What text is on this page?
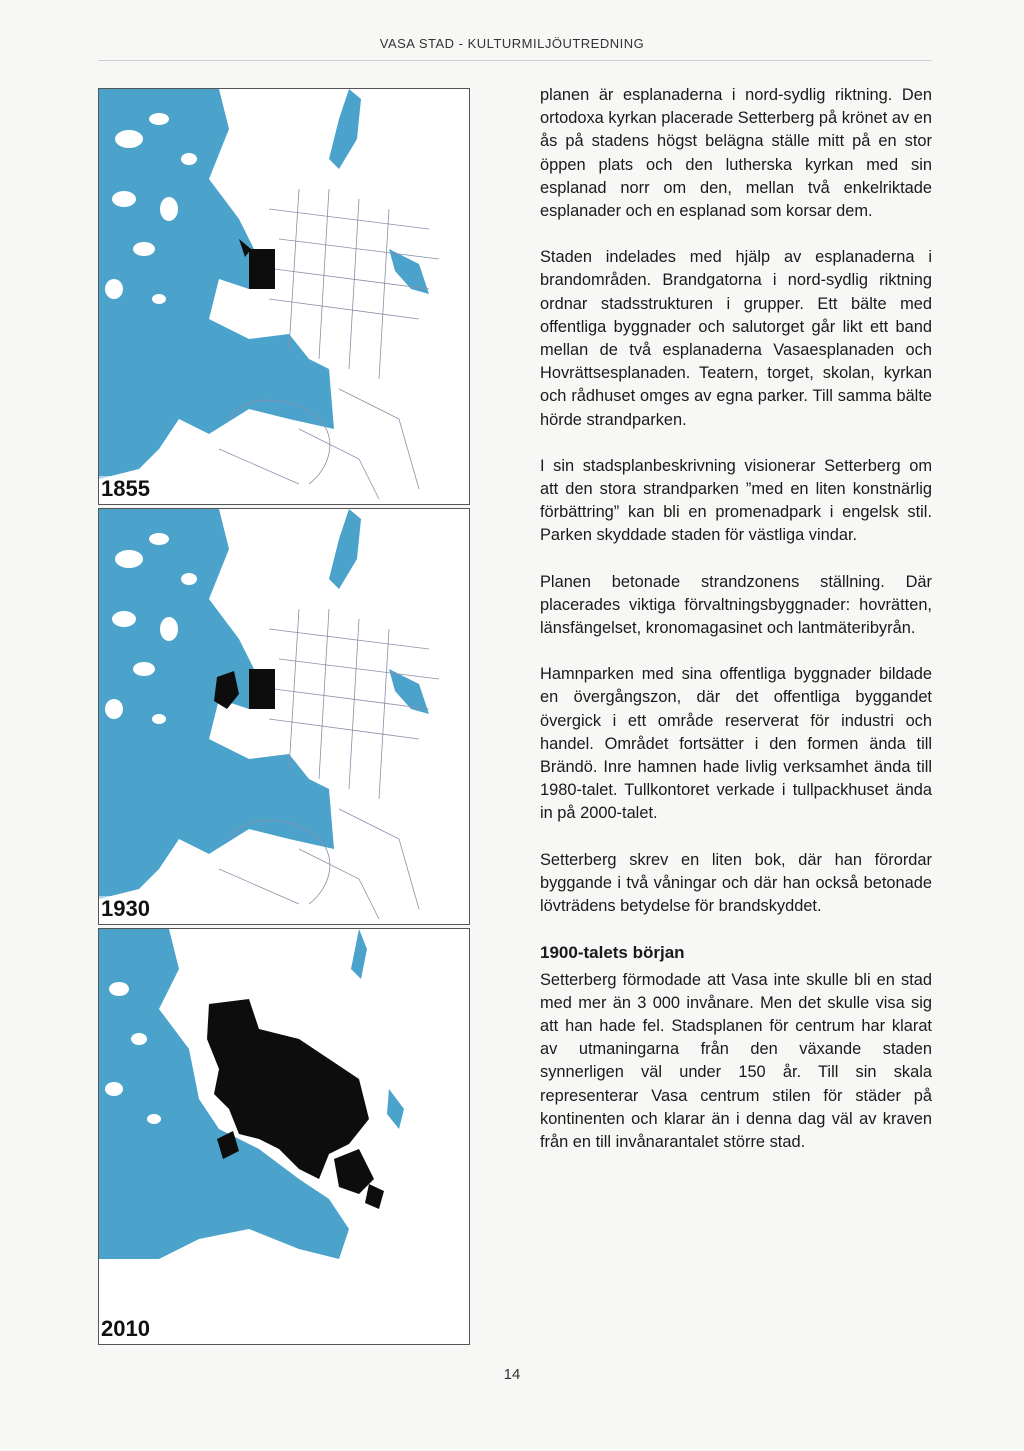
VASA STAD - KULTURMILJÖUTREDNING
1855
1930
2010

planen är esplanaderna i nord-sydlig riktning. Den ortodoxa kyrkan placerade Setterberg på krönet av en ås på stadens högst belägna ställe mitt på en stor öppen plats och den lutherska kyrkan med sin esplanad norr om den, mellan två enkelriktade esplanader och en esplanad som korsar dem.

Staden indelades med hjälp av esplanaderna i brandområden. Brandgatorna i nord-sydlig riktning ordnar stadsstrukturen i grupper. Ett bälte med offentliga byggnader och salutorget går likt ett band mellan de två esplanaderna Vasaesplanaden och Hovrättsesplanaden. Teatern, torget, skolan, kyrkan och rådhuset omges av egna parker. Till samma bälte hörde strandparken.

I sin stadsplanbeskrivning visionerar Setterberg om att den stora strandparken ”med en liten konstnärlig förbättring” kan bli en promenadpark i engelsk stil. Parken skyddade staden för västliga vindar.

Planen betonade strandzonens ställning. Där placerades viktiga förvaltningsbyggnader: hovrätten, länsfängelset, kronomagasinet och lantmäteribyrån.

Hamnparken med sina offentliga byggnader bildade en övergångszon, där det offentliga byggandet övergick i ett område reserverat för industri och handel. Området fortsätter i den formen ända till Brändö. Inre hamnen hade livlig verksamhet ända till 1980-talet. Tullkontoret verkade i tullpackhuset ända in på 2000-talet.

Setterberg skrev en liten bok, där han förordar byggande i två våningar och där han också betonade lövträdens betydelse för brandskyddet.

1900-talets början

Setterberg förmodade att Vasa inte skulle bli en stad med mer än 3 000 invånare. Men det skulle visa sig att han hade fel. Stadsplanen för centrum har klarat av utmaningarna från den växande staden synnerligen väl under 150 år. Till sin skala representerar Vasa centrum stilen för städer på kontinenten och klarar än i denna dag väl av kraven från en till invånarantalet större stad.

14
